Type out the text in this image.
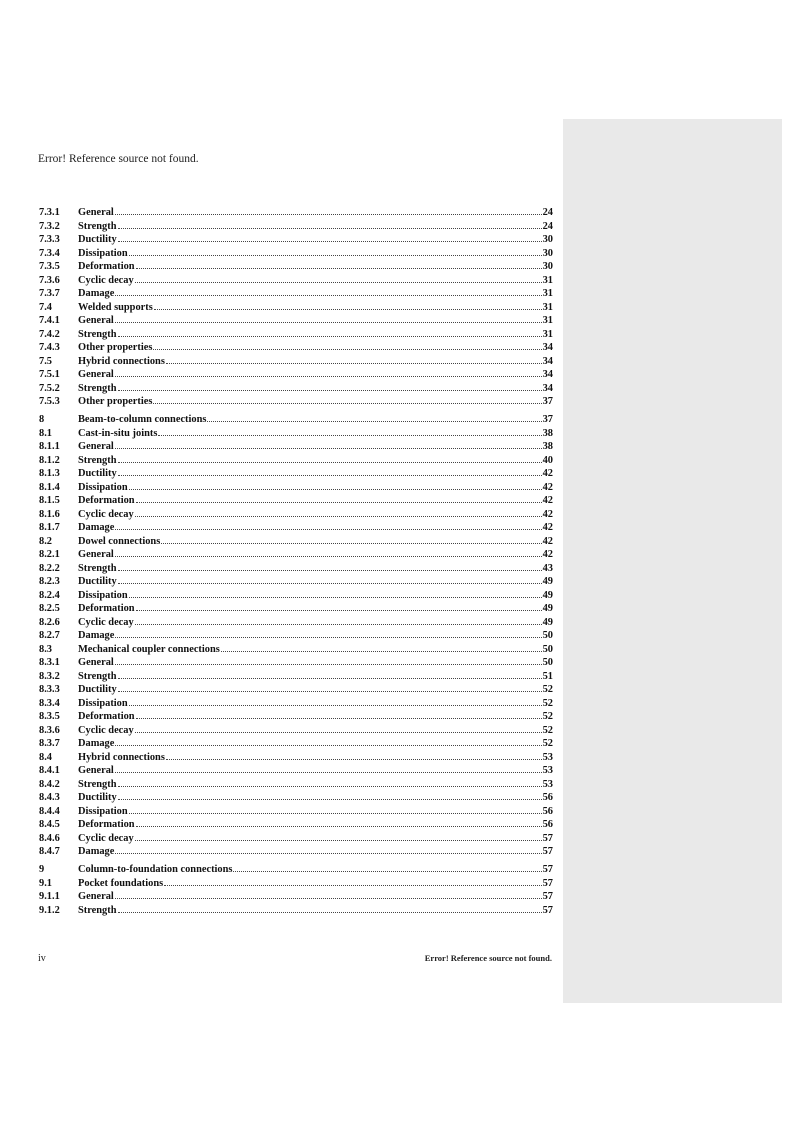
Error! Reference source not found.
7.3.1	General	24
7.3.2	Strength	24
7.3.3	Ductility	30
7.3.4	Dissipation	30
7.3.5	Deformation	30
7.3.6	Cyclic decay	31
7.3.7	Damage	31
7.4	Welded supports	31
7.4.1	General	31
7.4.2	Strength	31
7.4.3	Other properties	34
7.5	Hybrid connections	34
7.5.1	General	34
7.5.2	Strength	34
7.5.3	Other properties	37
8	Beam-to-column connections	37
8.1	Cast-in-situ joints	38
8.1.1	General	38
8.1.2	Strength	40
8.1.3	Ductility	42
8.1.4	Dissipation	42
8.1.5	Deformation	42
8.1.6	Cyclic decay	42
8.1.7	Damage	42
8.2	Dowel connections	42
8.2.1	General	42
8.2.2	Strength	43
8.2.3	Ductility	49
8.2.4	Dissipation	49
8.2.5	Deformation	49
8.2.6	Cyclic decay	49
8.2.7	Damage	50
8.3	Mechanical coupler connections	50
8.3.1	General	50
8.3.2	Strength	51
8.3.3	Ductility	52
8.3.4	Dissipation	52
8.3.5	Deformation	52
8.3.6	Cyclic decay	52
8.3.7	Damage	52
8.4	Hybrid connections	53
8.4.1	General	53
8.4.2	Strength	53
8.4.3	Ductility	56
8.4.4	Dissipation	56
8.4.5	Deformation	56
8.4.6	Cyclic decay	57
8.4.7	Damage	57
9	Column-to-foundation connections	57
9.1	Pocket foundations	57
9.1.1	General	57
9.1.2	Strength	57
iv	Error! Reference source not found.
